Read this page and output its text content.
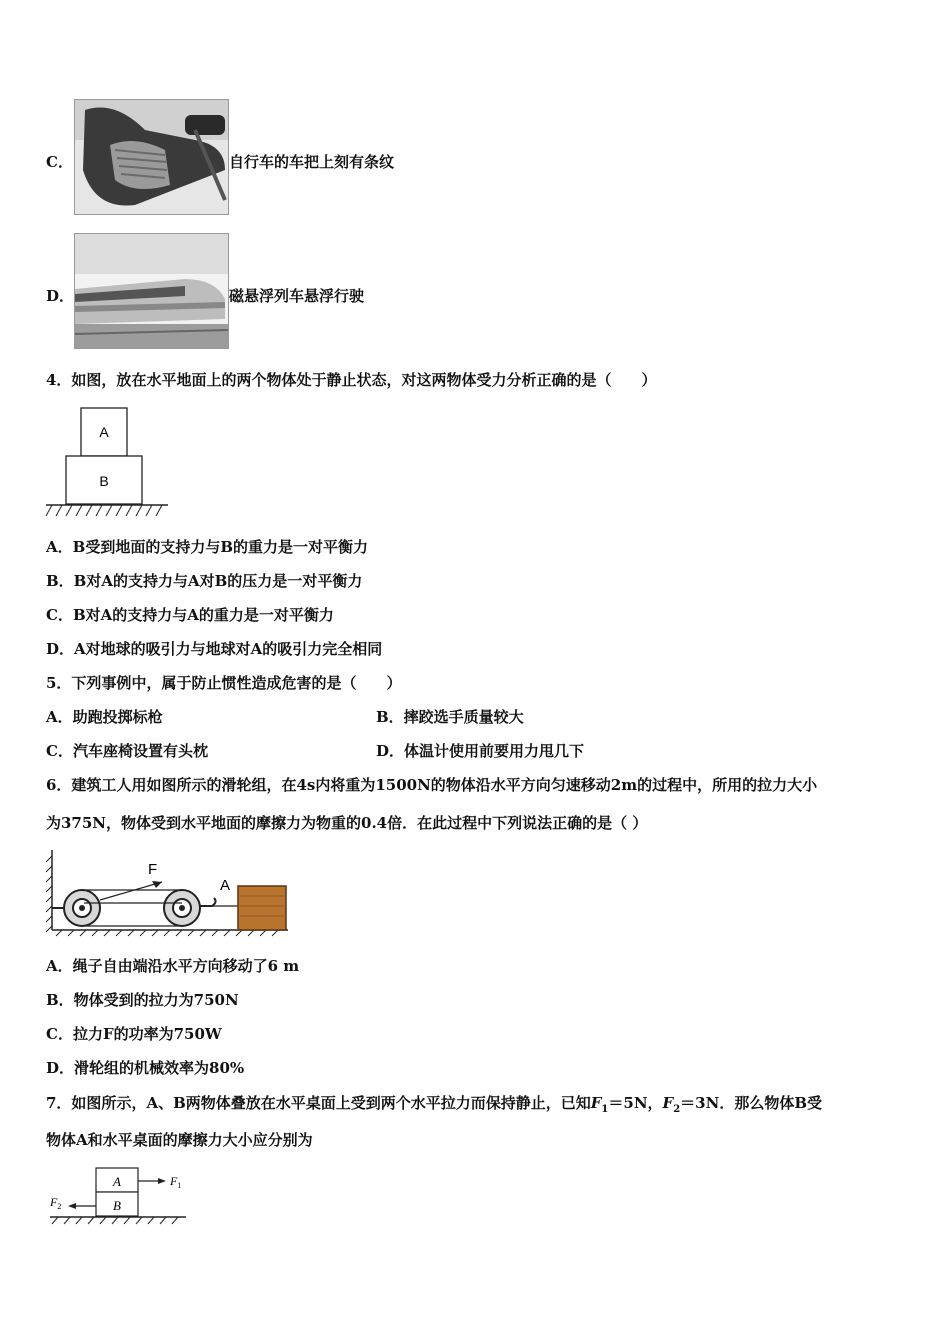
C．	自行车的车把上刻有条纹
D．	磁悬浮列车悬浮行驶
4．如图，放在水平地面上的两个物体处于静止状态，对这两物体受力分析正确的是（　　）
A
B
A．B受到地面的支持力与B的重力是一对平衡力
B．B对A的支持力与A对B的压力是一对平衡力
C．B对A的支持力与A的重力是一对平衡力
D．A对地球的吸引力与地球对A的吸引力完全相同
5．下列事例中，属于防止惯性造成危害的是（　　）
A．助跑投掷标枪	B．摔跤选手质量较大
C．汽车座椅设置有头枕	D．体温计使用前要用力甩几下
6．建筑工人用如图所示的滑轮组，在4s内将重为1500N的物体沿水平方向匀速移动2m的过程中，所用的拉力大小
为375N，物体受到水平地面的摩擦力为物重的0.4倍．在此过程中下列说法正确的是（ ）
F
A
A．绳子自由端沿水平方向移动了6 m
B．物体受到的拉力为750N
C．拉力F的功率为750W
D．滑轮组的机械效率为80%
7．如图所示，A、B两物体叠放在水平桌面上受到两个水平拉力而保持静止，已知$F_1=5N$，$F_2=3N$．那么物体B受
物体A和水平桌面的摩擦力大小应分别为
A
B
$F_1$
$F_2$
